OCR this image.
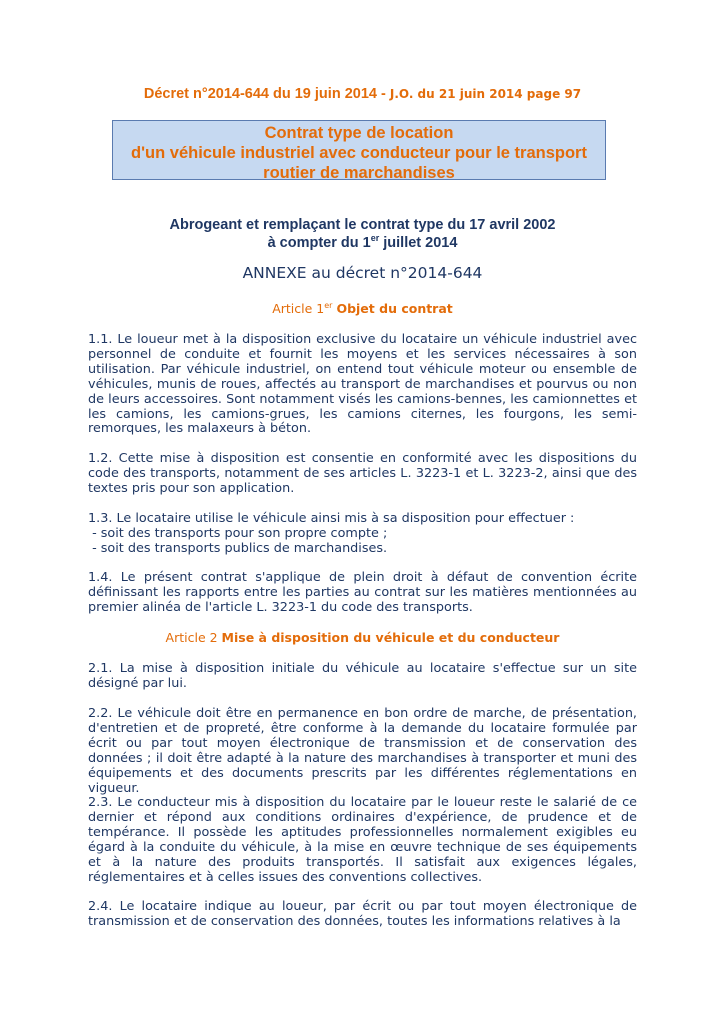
Décret n°2014-644 du 19 juin 2014 - J.O. du 21 juin 2014 page 97
Contrat type de location
d'un véhicule industriel avec conducteur pour le transport
routier de marchandises
Abrogeant et remplaçant le contrat type du 17 avril 2002
à compter du 1er juillet 2014
ANNEXE au décret n°2014-644
Article 1er Objet du contrat
1.1. Le loueur met à la disposition exclusive du locataire un véhicule industriel avec personnel de conduite et fournit les moyens et les services nécessaires à son utilisation. Par véhicule industriel, on entend tout véhicule moteur ou ensemble de véhicules, munis de roues, affectés au transport de marchandises et pourvus ou non de leurs accessoires. Sont notamment visés les camions-bennes, les camionnettes et les camions, les camions-grues, les camions citernes, les fourgons, les semi-remorques, les malaxeurs à béton.
1.2. Cette mise à disposition est consentie en conformité avec les dispositions du code des transports, notamment de ses articles L. 3223-1 et L. 3223-2, ainsi que des textes pris pour son application.
1.3. Le locataire utilise le véhicule ainsi mis à sa disposition pour effectuer :
- soit des transports pour son propre compte ;
- soit des transports publics de marchandises.
1.4. Le présent contrat s'applique de plein droit à défaut de convention écrite définissant les rapports entre les parties au contrat sur les matières mentionnées au premier alinéa de l'article L. 3223-1 du code des transports.
Article 2 Mise à disposition du véhicule et du conducteur
2.1. La mise à disposition initiale du véhicule au locataire s'effectue sur un site désigné par lui.
2.2. Le véhicule doit être en permanence en bon ordre de marche, de présentation, d'entretien et de propreté, être conforme à la demande du locataire formulée par écrit ou par tout moyen électronique de transmission et de conservation des données ; il doit être adapté à la nature des marchandises à transporter et muni des équipements et des documents prescrits par les différentes réglementations en vigueur.
2.3. Le conducteur mis à disposition du locataire par le loueur reste le salarié de ce dernier et répond aux conditions ordinaires d'expérience, de prudence et de tempérance. Il possède les aptitudes professionnelles normalement exigibles eu égard à la conduite du véhicule, à la mise en œuvre technique de ses équipements et à la nature des produits transportés. Il satisfait aux exigences légales, réglementaires et à celles issues des conventions collectives.
2.4. Le locataire indique au loueur, par écrit ou par tout moyen électronique de transmission et de conservation des données, toutes les informations relatives à la
